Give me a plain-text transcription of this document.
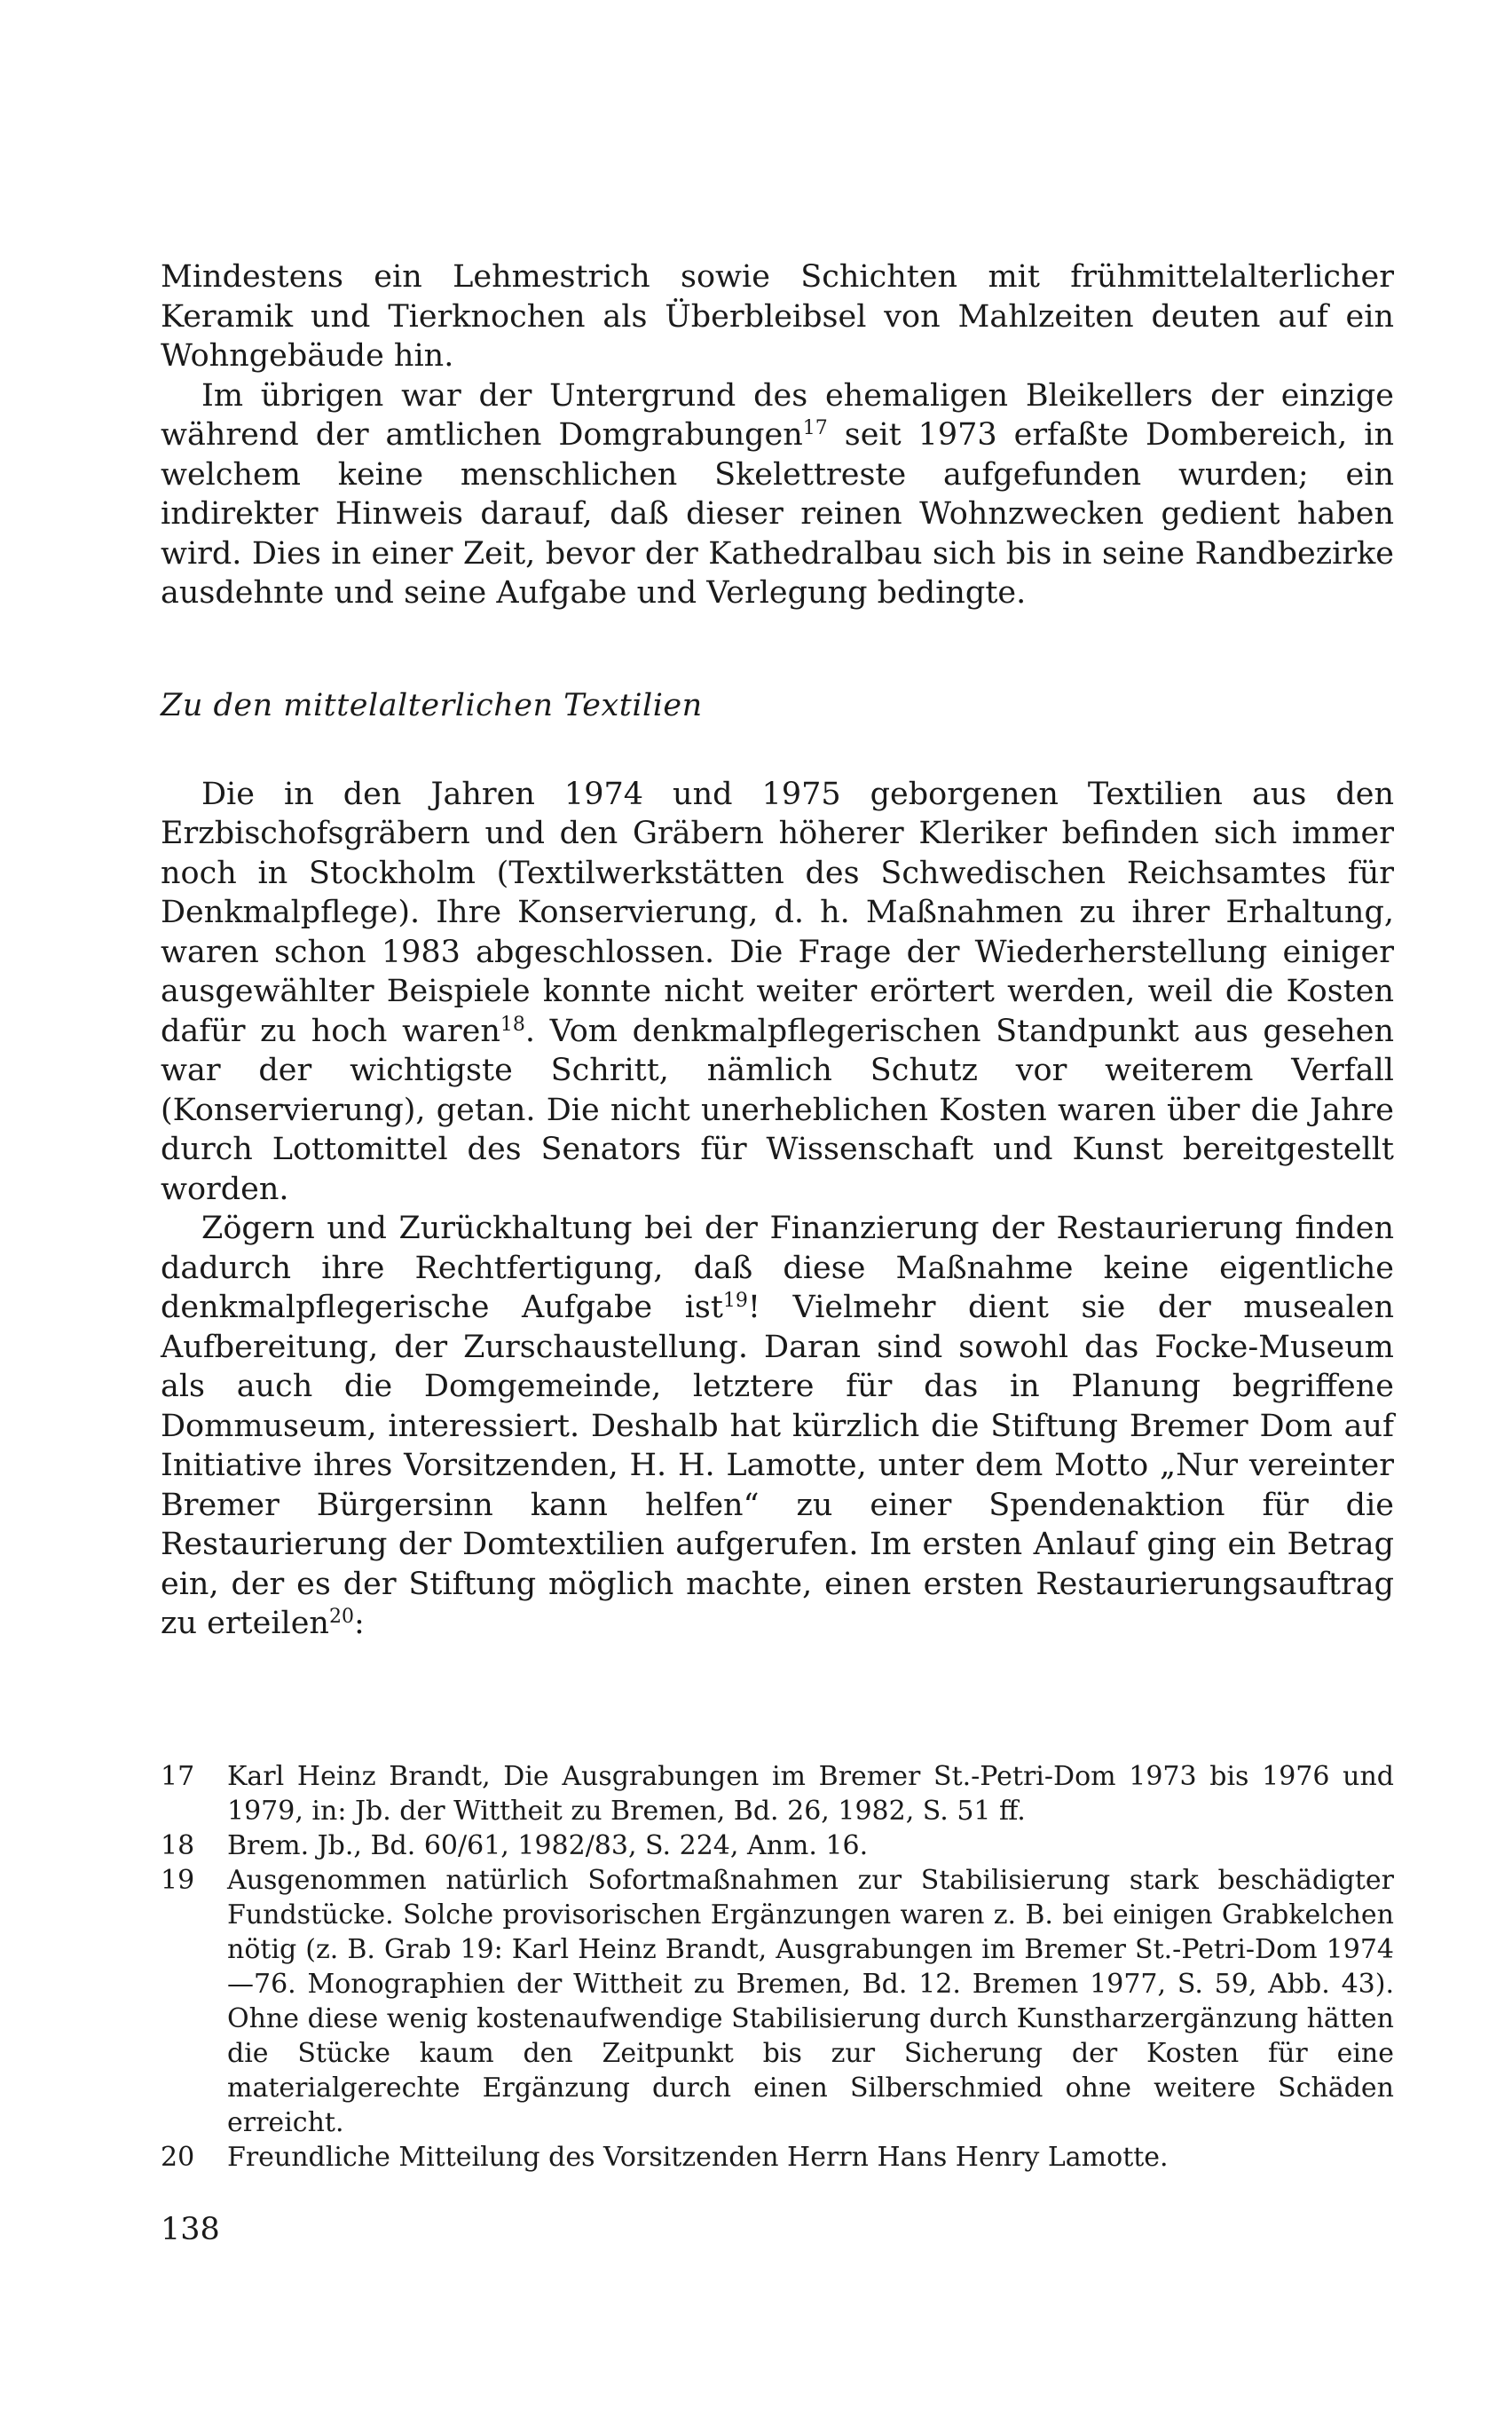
Mindestens ein Lehmestrich sowie Schichten mit frühmittelalterlicher Keramik und Tierknochen als Überbleibsel von Mahlzeiten deuten auf ein Wohngebäude hin.

Im übrigen war der Untergrund des ehemaligen Bleikellers der einzige während der amtlichen Domgrabungen$^{17}$ seit 1973 erfaßte Dombereich, in welchem keine menschlichen Skelettreste aufgefunden wurden; ein indirekter Hinweis darauf, daß dieser reinen Wohnzwecken gedient haben wird. Dies in einer Zeit, bevor der Kathedralbau sich bis in seine Randbezirke ausdehnte und seine Aufgabe und Verlegung bedingte.

Zu den mittelalterlichen Textilien

Die in den Jahren 1974 und 1975 geborgenen Textilien aus den Erzbischofsgräbern und den Gräbern höherer Kleriker befinden sich immer noch in Stockholm (Textilwerkstätten des Schwedischen Reichsamtes für Denkmalpflege). Ihre Konservierung, d. h. Maßnahmen zu ihrer Erhaltung, waren schon 1983 abgeschlossen. Die Frage der Wiederherstellung einiger ausgewählter Beispiele konnte nicht weiter erörtert werden, weil die Kosten dafür zu hoch waren$^{18}$. Vom denkmalpflegerischen Standpunkt aus gesehen war der wichtigste Schritt, nämlich Schutz vor weiterem Verfall (Konservierung), getan. Die nicht unerheblichen Kosten waren über die Jahre durch Lottomittel des Senators für Wissenschaft und Kunst bereitgestellt worden.

Zögern und Zurückhaltung bei der Finanzierung der Restaurierung finden dadurch ihre Rechtfertigung, daß diese Maßnahme keine eigentliche denkmalpflegerische Aufgabe ist$^{19}$! Vielmehr dient sie der musealen Aufbereitung, der Zurschaustellung. Daran sind sowohl das Focke-Museum als auch die Domgemeinde, letztere für das in Planung begriffene Dommuseum, interessiert. Deshalb hat kürzlich die Stiftung Bremer Dom auf Initiative ihres Vorsitzenden, H. H. Lamotte, unter dem Motto „Nur vereinter Bremer Bürgersinn kann helfen“ zu einer Spendenaktion für die Restaurierung der Domtextilien aufgerufen. Im ersten Anlauf ging ein Betrag ein, der es der Stiftung möglich machte, einen ersten Restaurierungsauftrag zu erteilen$^{20}$:

17	Karl Heinz Brandt, Die Ausgrabungen im Bremer St.-Petri-Dom 1973 bis 1976 und 1979, in: Jb. der Wittheit zu Bremen, Bd. 26, 1982, S. 51 ff.
18	Brem. Jb., Bd. 60/61, 1982/83, S. 224, Anm. 16.
19	Ausgenommen natürlich Sofortmaßnahmen zur Stabilisierung stark beschädigter Fundstücke. Solche provisorischen Ergänzungen waren z. B. bei einigen Grabkelchen nötig (z. B. Grab 19: Karl Heinz Brandt, Ausgrabungen im Bremer St.-Petri-Dom 1974—76. Monographien der Wittheit zu Bremen, Bd. 12. Bremen 1977, S. 59, Abb. 43). Ohne diese wenig kostenaufwendige Stabilisierung durch Kunstharzergänzung hätten die Stücke kaum den Zeitpunkt bis zur Sicherung der Kosten für eine materialgerechte Ergänzung durch einen Silberschmied ohne weitere Schäden erreicht.
20	Freundliche Mitteilung des Vorsitzenden Herrn Hans Henry Lamotte.
138
